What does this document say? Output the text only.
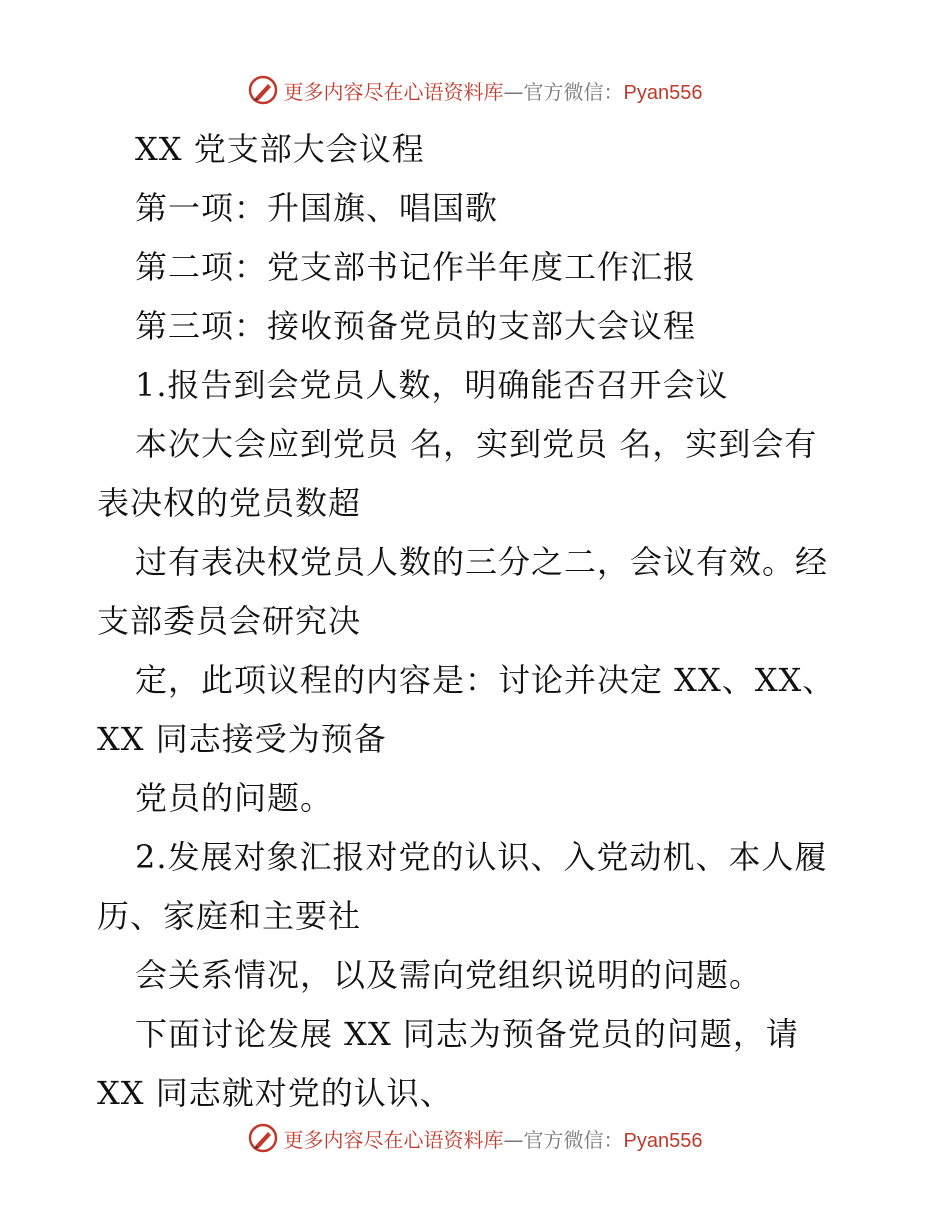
更多内容尽在心语资料库—官方微信：Pyan556
XX 党支部大会议程
第一项：升国旗、唱国歌
第二项：党支部书记作半年度工作汇报
第三项：接收预备党员的支部大会议程
1.报告到会党员人数，明确能否召开会议
本次大会应到党员 名，实到党员 名，实到会有
表决权的党员数超
过有表决权党员人数的三分之二，会议有效。经
支部委员会研究决
定，此项议程的内容是：讨论并决定 XX、XX、
XX 同志接受为预备
党员的问题。
2.发展对象汇报对党的认识、入党动机、本人履
历、家庭和主要社
会关系情况，以及需向党组织说明的问题。
下面讨论发展 XX 同志为预备党员的问题，请
XX 同志就对党的认识、
更多内容尽在心语资料库—官方微信：Pyan556
